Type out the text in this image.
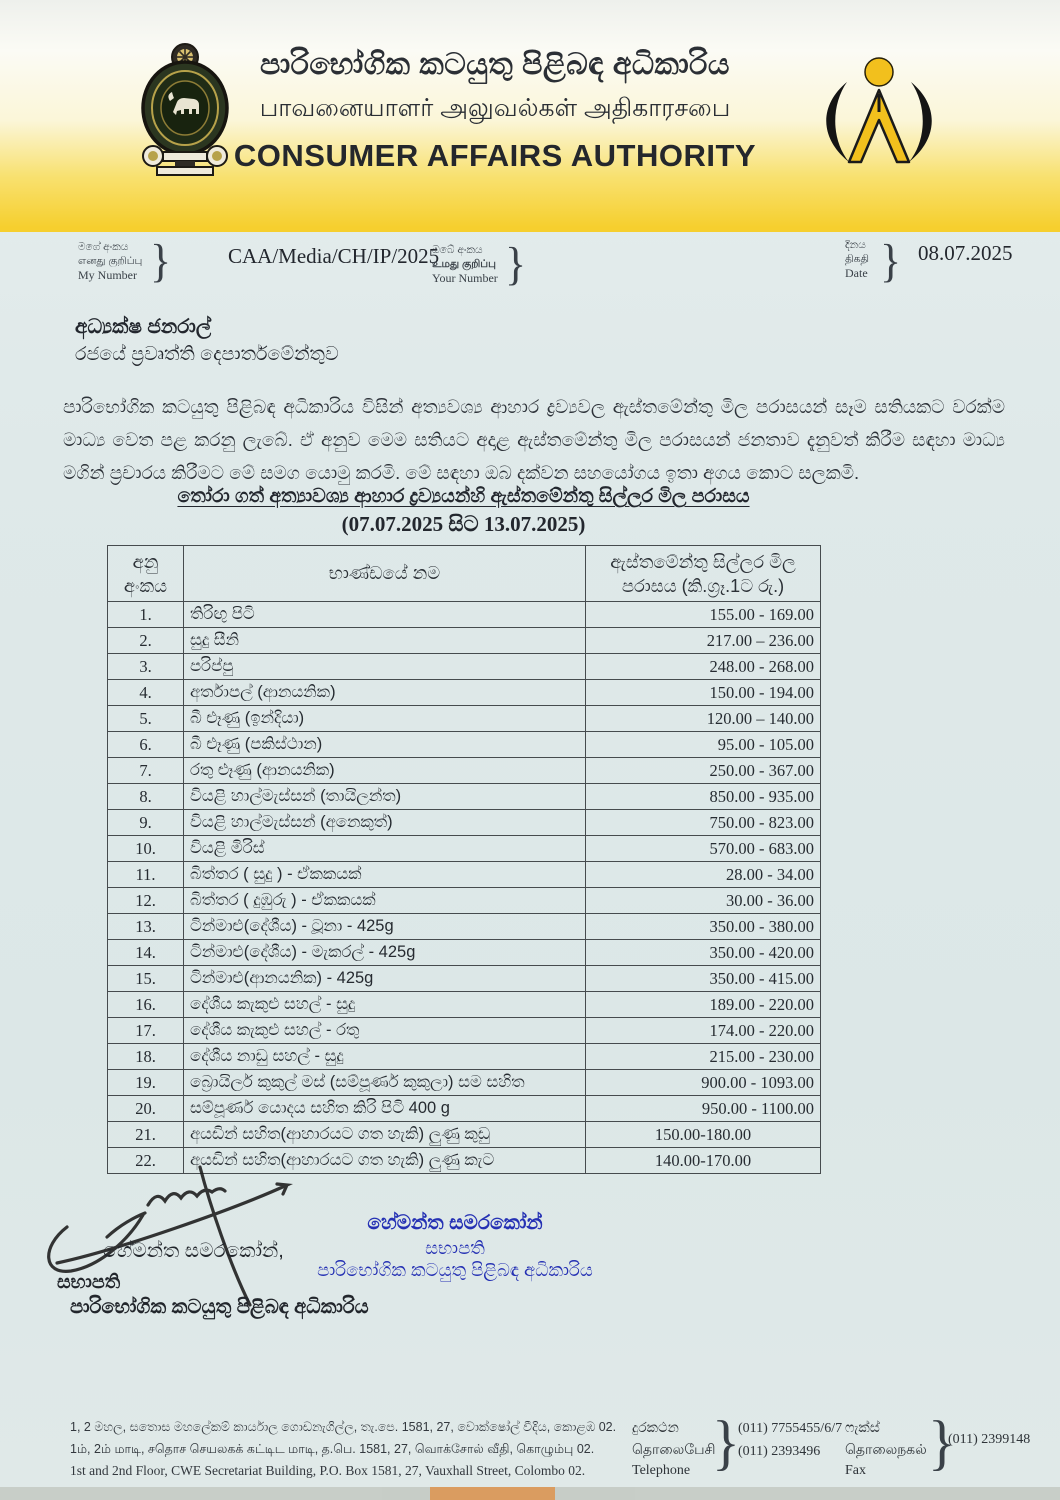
පාරිභෝගික කටයුතු පිළිබඳ අධිකාරිය
பாவனையாளர் அலுவல்கள் அதிகாரசபை
CONSUMER AFFAIRS AUTHORITY
මගේ අංකය
எனது குறிப்பு
My Number }	CAA/Media/CH/IP/2025
ඔබේ අංකය
உமது குறிப்பு
Your Number }	දිනය
திகதி
Date } 08.07.2025
අධ්‍යක්ෂ ජනරාල්
රජයේ ප්‍රවෘත්ති දෙපාර්තමේන්තුව
පාරිභෝගික කටයුතු පිළිබඳ අධිකාරිය විසින් අත්‍යවශ්‍ය ආහාර ද්‍රව්‍යවල ඇස්තමේන්තු මිල පරාසයන් සෑම සතියකට වරක්ම මාධ්‍ය වෙත පළ කරනු ලැබේ. ඒ අනුව මෙම සතියට අදාළ ඇස්තමේන්තු මිල පරාසයන් ජනතාව දැනුවත් කිරීම සඳහා මාධ්‍ය මගින් ප්‍රචාරය කිරීමට මේ සමග යොමු කරමි. මේ සඳහා ඔබ දක්වන සහයෝගය ඉතා අගය කොට සලකමි.
තෝරා ගත් අත්‍යාවශ්‍ය ආහාර ද්‍රව්‍යයන්හි ඇස්තමේන්තු සිල්ලර මිල පරාසය
(07.07.2025 සිට 13.07.2025)
අනු
අංකය
	භාණ්ඩයේ නම	
ඇස්තමේන්තු සිල්ලර මිල
පරාසය (කි.ග්‍රෑ.1ට රු.)

1.	තිරිඟු පිටි	155.00 - 169.00
2.	සුදු සීනි	217.00 – 236.00
3.	පරිප්පු	248.00 - 268.00
4.	අර්තාපල් (ආනයනික)	150.00 - 194.00
5.	බී ළූණු (ඉන්දියා)	120.00 – 140.00
6.	බී ළූණු (පකිස්ථාන)	95.00 - 105.00
7.	රතු ළූණු (ආනයනික)	250.00 - 367.00
8.	වියළි හාල්මැස්සන් (තායිලන්ත)	850.00 - 935.00
9.	වියළි හාල්මැස්සන් (අනෙකුත්)	750.00 - 823.00
10.	වියළි මිරිස්	570.00 - 683.00
11.	බිත්තර ( සුදු ) - ඒකකයක්	28.00 - 34.00
12.	බිත්තර ( දුඹුරු ) - ඒකකයක්	30.00 - 36.00
13.	ටින්මාළු(දේශීය) - ටූනා - 425g	350.00 - 380.00
14.	ටින්මාළු(දේශීය) - මැකරල් - 425g	350.00 - 420.00
15.	ටින්මාළු(ආනයනික) - 425g	350.00 - 415.00
16.	දේශීය කැකුළු සහල් - සුදු	189.00 - 220.00
17.	දේශීය කැකුළු සහල් - රතු	174.00 - 220.00
18.	දේශීය නාඩු සහල් - සුදු	215.00 - 230.00
19.	බ්‍රොයිලර් කුකුල් මස් (සම්පූර්ණ කුකුලා) සම සහිත	900.00 - 1093.00
20.	සම්පූර්ණ යොදය සහිත කිරි පිටි 400 g	950.00 - 1100.00
21.	අයඩින් සහිත(ආහාරයට ගත හැකි) ලුණු කුඩු	150.00-180.00
22.	අයඩින් සහිත(ආහාරයට ගත හැකි) ලුණු කැට	140.00-170.00
හේමන්ත සමරකෝන්
සභාපති
පාරිභෝගික කටයුතු පිළිබඳ අධිකාරිය
හේමන්ත සමරකෝන්,
සභාපති
පාරිභෝගික කටයුතු පිළිබඳ අධිකාරිය
1, 2 මහල, සතොස මහලේකම් කාර්යාල ගොඩනැගිල්ල, තැ.පෙ. 1581, 27, වොක්ෂෝල් වීදිය, කොළඹ 02.
1ம், 2ம் மாடி, சதொச செயலகக் கட்டிட மாடி, த.பெ. 1581, 27, வொக்சோல் வீதி, கொழும்பு 02.
1st and 2nd Floor, CWE Secretariat Building, P.O. Box 1581, 27, Vauxhall Street, Colombo 02.
දුරකථන
தொலைபேசி
Telephone }
(011) 7755455/6/7
(011) 2393496
ෆැක්ස්
தொலைநகல்
Fax	}
(011) 2399148
